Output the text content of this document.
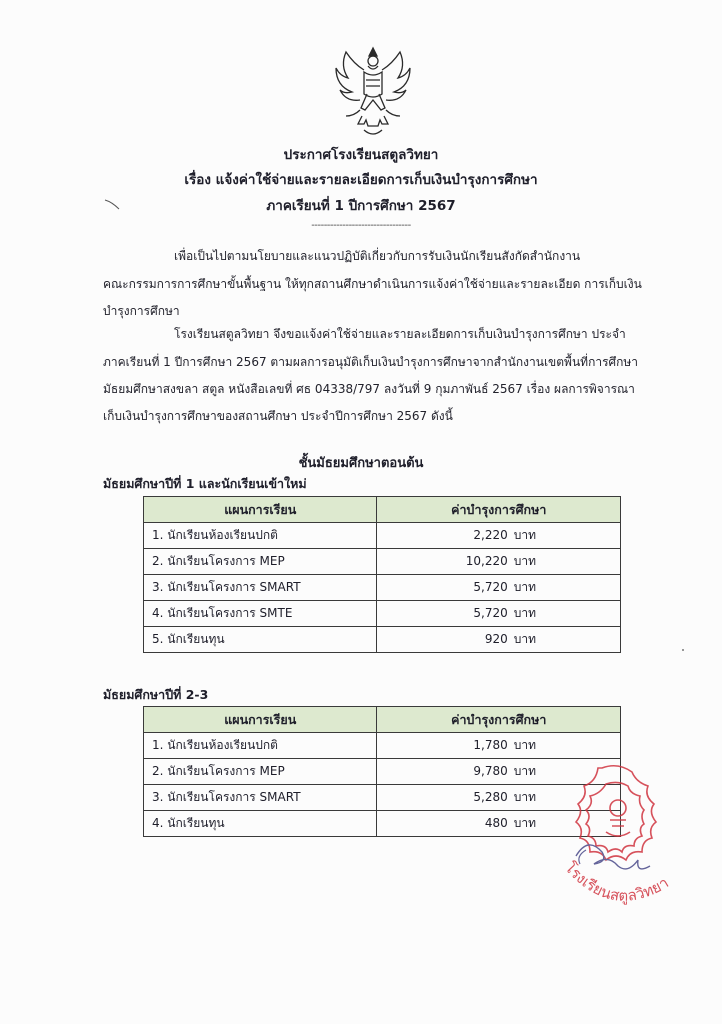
ประกาศโรงเรียนสตูลวิทยา
เรื่อง แจ้งค่าใช้จ่ายและรายละเอียดการเก็บเงินบำรุงการศึกษา
ภาคเรียนที่ 1 ปีการศึกษา 2567
--------------------------------
เพื่อเป็นไปตามนโยบายและแนวปฏิบัติเกี่ยวกับการรับเงินนักเรียนสังกัดสำนักงาน
คณะกรรมการการศึกษาขั้นพื้นฐาน ให้ทุกสถานศึกษาดำเนินการแจ้งค่าใช้จ่ายและรายละเอียด การเก็บเงิน
บำรุงการศึกษา
โรงเรียนสตูลวิทยา จึงขอแจ้งค่าใช้จ่ายและรายละเอียดการเก็บเงินบำรุงการศึกษา ประจำ
ภาคเรียนที่ 1 ปีการศึกษา 2567 ตามผลการอนุมัติเก็บเงินบำรุงการศึกษาจากสำนักงานเขตพื้นที่การศึกษา
มัธยมศึกษาสงขลา สตูล หนังสือเลขที่ ศธ 04338/797 ลงวันที่ 9 กุมภาพันธ์ 2567 เรื่อง ผลการพิจารณา
เก็บเงินบำรุงการศึกษาของสถานศึกษา ประจำปีการศึกษา 2567 ดังนี้
ชั้นมัธยมศึกษาตอนต้น
มัธยมศึกษาปีที่ 1 และนักเรียนเข้าใหม่
แผนการเรียน	ค่าบำรุงการศึกษา
1. นักเรียนห้องเรียนปกติ	2,220 บาท
2. นักเรียนโครงการ MEP	10,220 บาท
3. นักเรียนโครงการ SMART	5,720 บาท
4. นักเรียนโครงการ SMTE	5,720 บาท
5. นักเรียนทุน	920 บาท
มัธยมศึกษาปีที่ 2-3
แผนการเรียน	ค่าบำรุงการศึกษา
1. นักเรียนห้องเรียนปกติ	1,780 บาท
2. นักเรียนโครงการ MEP	9,780 บาท
3. นักเรียนโครงการ SMART	5,280 บาท
4. นักเรียนทุน	480 บาท
โรงเรียนสตูลวิทยา
